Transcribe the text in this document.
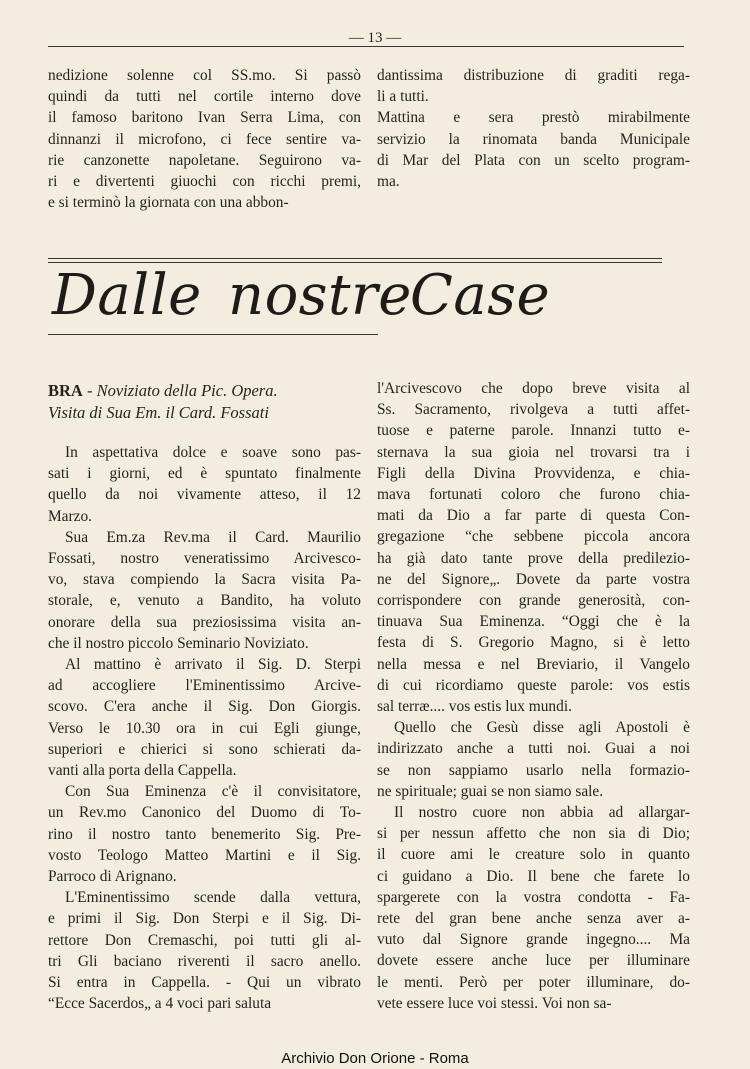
— 13 —

nedizione solenne col SS.mo. Si passò

quindi da tutti nel cortile interno dove

il famoso baritono Ivan Serra Lima, con

dinnanzi il microfono, ci fece sentire va-

rie canzonette napoletane. Seguirono va-

ri e divertenti giuochi con ricchi premi,

e si terminò la giornata con una abbon-

dantissima distribuzione di graditi rega-

li a tutti.

Mattina e sera prestò mirabilmente

servizio la rinomata banda Municipale

di Mar del Plata con un scelto program-

ma.

Dalle nostre
Case
BRA - Noviziato della Pic. Opera.
Visita di Sua Em. il Card. Fossati

In aspettativa dolce e soave sono pas-

sati i giorni, ed è spuntato finalmente

quello da noi vivamente atteso, il 12

Marzo.

Sua Em.za Rev.ma il Card. Maurilio

Fossati, nostro veneratissimo Arcivesco-

vo, stava compiendo la Sacra visita Pa-

storale, e, venuto a Bandito, ha voluto

onorare della sua preziosissima visita an-

che il nostro piccolo Seminario Noviziato.

Al mattino è arrivato il Sig. D. Sterpi

ad accogliere l'Eminentissimo Arcive-

scovo. C'era anche il Sig. Don Giorgis.

Verso le 10.30 ora in cui Egli giunge,

superiori e chierici si sono schierati da-

vanti alla porta della Cappella.

Con Sua Eminenza c'è il convisitatore,

un Rev.mo Canonico del Duomo di To-

rino il nostro tanto benemerito Sig. Pre-

vosto Teologo Matteo Martini e il Sig.

Parroco di Arignano.

L'Eminentissimo scende dalla vettura,

e primi il Sig. Don Sterpi e il Sig. Di-

rettore Don Cremaschi, poi tutti gli al-

tri Gli baciano riverenti il sacro anello.

Si entra in Cappella. - Qui un vibrato

“Ecce Sacerdos„ a 4 voci pari saluta

l'Arcivescovo che dopo breve visita al

Ss. Sacramento, rivolgeva a tutti affet-

tuose e paterne parole. Innanzi tutto e-

sternava la sua gioia nel trovarsi tra i

Figli della Divina Provvidenza, e chia-

mava fortunati coloro che furono chia-

mati da Dio a far parte di questa Con-

gregazione “che sebbene piccola ancora

ha già dato tante prove della predilezio-

ne del Signore„. Dovete da parte vostra

corrispondere con grande generosità, con-

tinuava Sua Eminenza. “Oggi che è la

festa di S. Gregorio Magno, si è letto

nella messa e nel Breviario, il Vangelo

di cui ricordiamo queste parole: vos estis

sal terræ.... vos estis lux mundi.

Quello che Gesù disse agli Apostoli è

indirizzato anche a tutti noi. Guai a noi

se non sappiamo usarlo nella formazio-

ne spirituale; guai se non siamo sale.

Il nostro cuore non abbia ad allargar-

si per nessun affetto che non sia di Dio;

il cuore ami le creature solo in quanto

ci guidano a Dio. Il bene che farete lo

spargerete con la vostra condotta - Fa-

rete del gran bene anche senza aver a-

vuto dal Signore grande ingegno.... Ma

dovete essere anche luce per illuminare

le menti. Però per poter illuminare, do-

vete essere luce voi stessi. Voi non sa-

Archivio Don Orione - Roma
